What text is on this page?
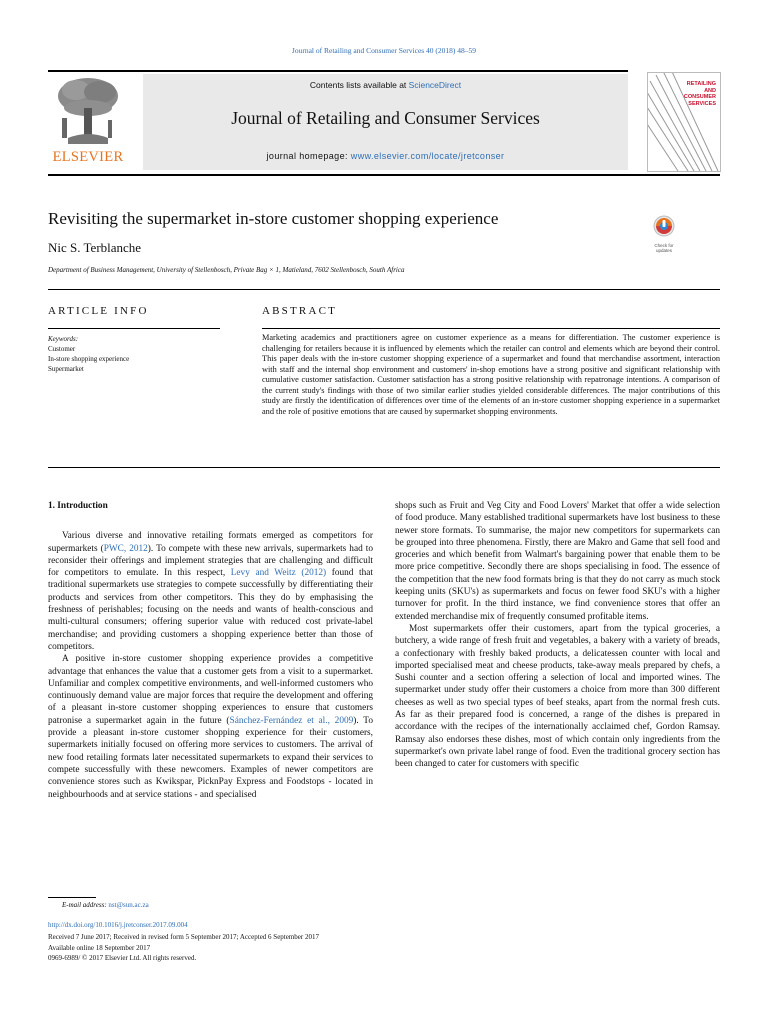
Journal of Retailing and Consumer Services 40 (2018) 48–59
ELSEVIER
Contents lists available at ScienceDirect
Journal of Retailing and Consumer Services
journal homepage: www.elsevier.com/locate/jretconser
RETAILING
AND
CONSUMER
SERVICES
Revisiting the supermarket in-store customer shopping experience
Nic S. Terblanche
Department of Business Management, University of Stellenbosch, Private Bag × 1, Matieland, 7602 Stellenbosch, South Africa
Check for
updates
ARTICLE INFO	ABSTRACT
Keywords:
Customer
In-store shopping experience
Supermarket
Marketing academics and practitioners agree on customer experience as a means for differentiation. The customer experience is challenging for retailers because it is influenced by elements which the retailer can control and elements which are beyond their control. This paper deals with the in-store customer shopping experience of a supermarket and found that merchandise assortment, interaction with staff and the internal shop environment and customers' in-shop emotions have a strong positive and significant relationship with cumulative customer satisfaction. Customer satisfaction has a strong positive relationship with repatronage intentions. A comparison of the current study's findings with those of two similar earlier studies yielded considerable differences. The major contributions of this study are firstly the identification of differences over time of the elements of an in-store customer shopping experience in a supermarket and the role of positive emotions that are caused by supermarket shopping environments.
1. Introduction

Various diverse and innovative retailing formats emerged as competitors for supermarkets (PWC, 2012). To compete with these new arrivals, supermarkets had to reconsider their offerings and implement strategies that are challenging and difficult for competitors to emulate. In this respect, Levy and Weitz (2012) found that traditional supermarkets use strategies to compete successfully by differentiating their products and services from other competitors. This they do by emphasising the freshness of perishables; focusing on the needs and wants of health-conscious and multi-cultural consumers; offering superior value with reduced cost private-label merchandise; and providing customers a shopping experience better than those of competitors.

A positive in-store customer shopping experience provides a competitive advantage that enhances the value that a customer gets from a visit to a supermarket. Unfamiliar and complex competitive environments, and well-informed customers who continuously demand value are major forces that require the development and offering of a pleasant in-store customer shopping experiences to ensure that customers patronise a supermarket again in the future (Sánchez-Fernández et al., 2009). To provide a pleasant in-store customer shopping experience for their customers, supermarkets initially focused on offering more services to customers. The arrival of new food retailing formats later necessitated supermarkets to expand their services to compete successfully with these newcomers. Examples of newer competitors are convenience stores such as Kwikspar, PicknPay Express and Foodstops - located in neighbourhoods and at service stations - and specialised

shops such as Fruit and Veg City and Food Lovers' Market that offer a wide selection of food produce. Many established traditional supermarkets have lost business to these newer store formats. To summarise, the major new competitors for supermarkets can be grouped into three phenomena. Firstly, there are Makro and Game that sell food and groceries and which benefit from Walmart's bargaining power that enable them to be more price competitive. Secondly there are shops specialising in food. The essence of the competition that the new food formats bring is that they do not carry as much stock keeping units (SKU's) as supermarkets and focus on fewer food SKU's with a higher turnover for profit. In the third instance, we find convenience stores that offer an extended merchandise mix of frequently consumed profitable items.

Most supermarkets offer their customers, apart from the typical groceries, a butchery, a wide range of fresh fruit and vegetables, a bakery with a variety of breads, a confectionary with freshly baked products, a delicatessen counter with local and imported specialised meat and cheese products, take-away meals prepared by chefs, a Sushi counter and a section offering a selection of local and imported wines. The supermarket under study offer their customers a choice from more than 300 different cheeses as well as two special types of beef steaks, apart from the normal fresh cuts. As far as their prepared food is concerned, a range of the dishes is prepared in accordance with the recipes of the internationally acclaimed chef, Gordon Ramsay. Ramsay also endorses these dishes, most of which contain only ingredients from the supermarket's own private label range of food. Even the traditional grocery section has been changed to cater for customers with specific

E-mail address: nst@sun.ac.za
http://dx.doi.org/10.1016/j.jretconser.2017.09.004
Received 7 June 2017; Received in revised form 5 September 2017; Accepted 6 September 2017
Available online 18 September 2017
0969-6989/ © 2017 Elsevier Ltd. All rights reserved.
